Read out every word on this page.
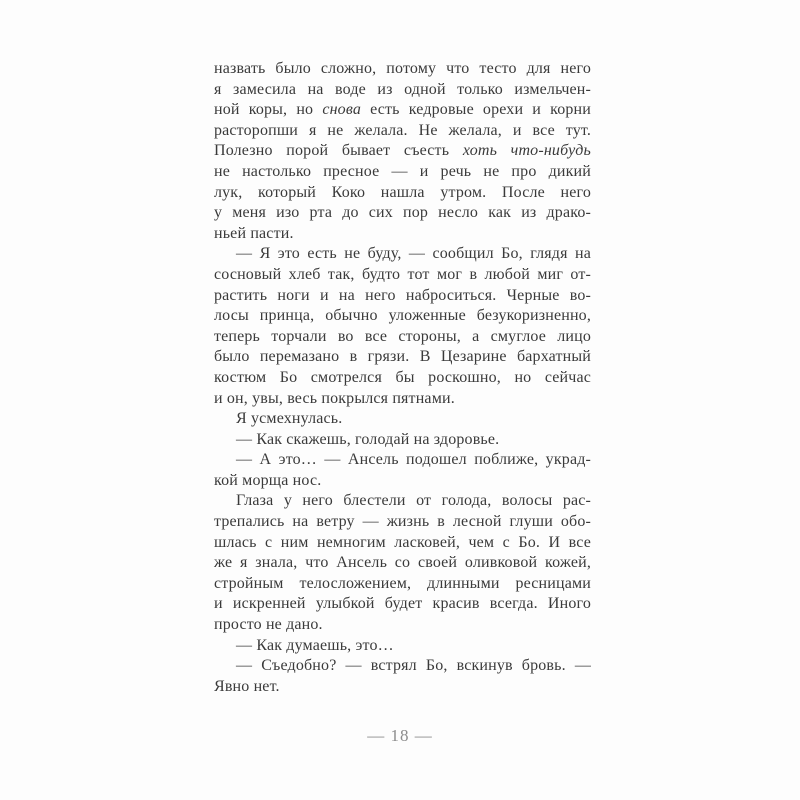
назвать было сложно, потому что тесто для него
я замесила на воде из одной только измельчен-
ной коры, но снова есть кедровые орехи и корни
расторопши я не желала. Не желала, и все тут.
Полезно порой бывает съесть хоть что-нибудь
не настолько пресное — и речь не про дикий
лук, который Коко нашла утром. После него
у меня изо рта до сих пор несло как из драко-
ньей пасти.
— Я это есть не буду, — сообщил Бо, глядя на
сосновый хлеб так, будто тот мог в любой миг от-
растить ноги и на него наброситься. Черные во-
лосы принца, обычно уложенные безукоризненно,
теперь торчали во все стороны, а смуглое лицо
было перемазано в грязи. В Цезарине бархатный
костюм Бо смотрелся бы роскошно, но сейчас
и он, увы, весь покрылся пятнами.
Я усмехнулась.
— Как скажешь, голодай на здоровье.
— А это… — Ансель подошел поближе, украд-
кой морща нос.
Глаза у него блестели от голода, волосы рас-
трепались на ветру — жизнь в лесной глуши обо-
шлась с ним немногим ласковей, чем с Бо. И все
же я знала, что Ансель со своей оливковой кожей,
стройным телосложением, длинными ресницами
и искренней улыбкой будет красив всегда. Иного
просто не дано.
— Как думаешь, это…
— Съедобно? — встрял Бо, вскинув бровь. —
Явно нет.
— 18 —
